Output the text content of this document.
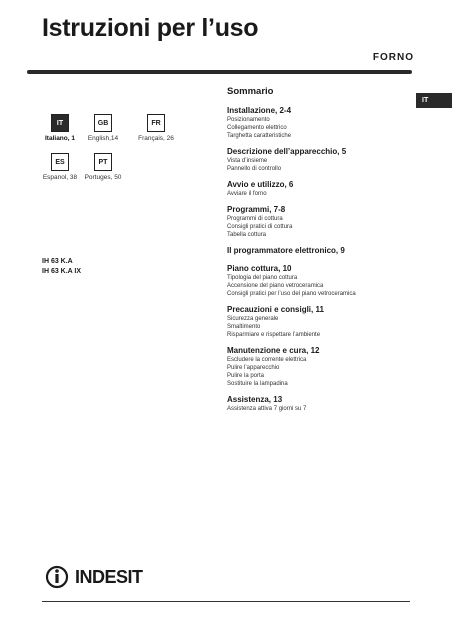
Istruzioni per l’uso
FORNO
IT
IT
Italiano, 1
GB
English,14
FR
Français, 26
ES
Espanol, 38
PT
Portuges, 50
IH 63 K.A
IH 63 K.A IX
Sommario
Installazione, 2-4
Posizionamento
Collegamento elettrico
Targhetta caratteristiche
Descrizione dell’apparecchio, 5
Vista d’insieme
Pannello di controllo
Avvio e utilizzo, 6
Avviare il forno
Programmi, 7-8
Programmi di cottura
Consigli pratici di cottura
Tabella cottura
Il programmatore elettronico, 9
Piano cottura, 10
Tipologia del piano cottura
Accensione del piano vetroceramica
Consigli pratici per l’uso del piano vetroceramica
Precauzioni e consigli, 11
Sicurezza generale
Smaltimento
Risparmiare e rispettare l’ambiente
Manutenzione e cura, 12
Escludere la corrente elettrica
Pulire l’apparecchio
Pulire la porta
Sostituire la lampadina
Assistenza, 13
Assistenza attiva 7 giorni su 7
INDESIT
